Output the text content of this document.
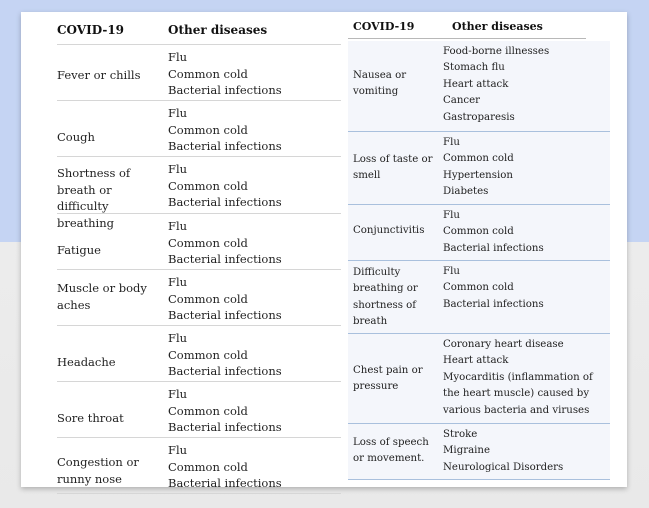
COVID-19	Other diseases
Fever or chills
Flu
Common cold
Bacterial infections
Cough
Flu
Common cold
Bacterial infections
Shortness of breath or difficulty breathing
Flu
Common cold
Bacterial infections
Fatigue
Flu
Common cold
Bacterial infections
Muscle or body aches
Flu
Common cold
Bacterial infections
Headache
Flu
Common cold
Bacterial infections
Sore throat
Flu
Common cold
Bacterial infections
Congestion or runny nose
Flu
Common cold
Bacterial infections
COVID-19	Other diseases
Nausea or vomiting
Food-borne illnesses
Stomach flu
Heart attack
Cancer
Gastroparesis
Loss of taste or smell
Flu
Common cold
Hypertension
Diabetes
Conjunctivitis
Flu
Common cold
Bacterial infections
Difficulty breathing or shortness of breath
Flu
Common cold
Bacterial infections
Chest pain or pressure
Coronary heart disease
Heart attack
Myocarditis (inflammation of the heart muscle) caused by various bacteria and viruses
Loss of speech or movement.
Stroke
Migraine
Neurological Disorders
